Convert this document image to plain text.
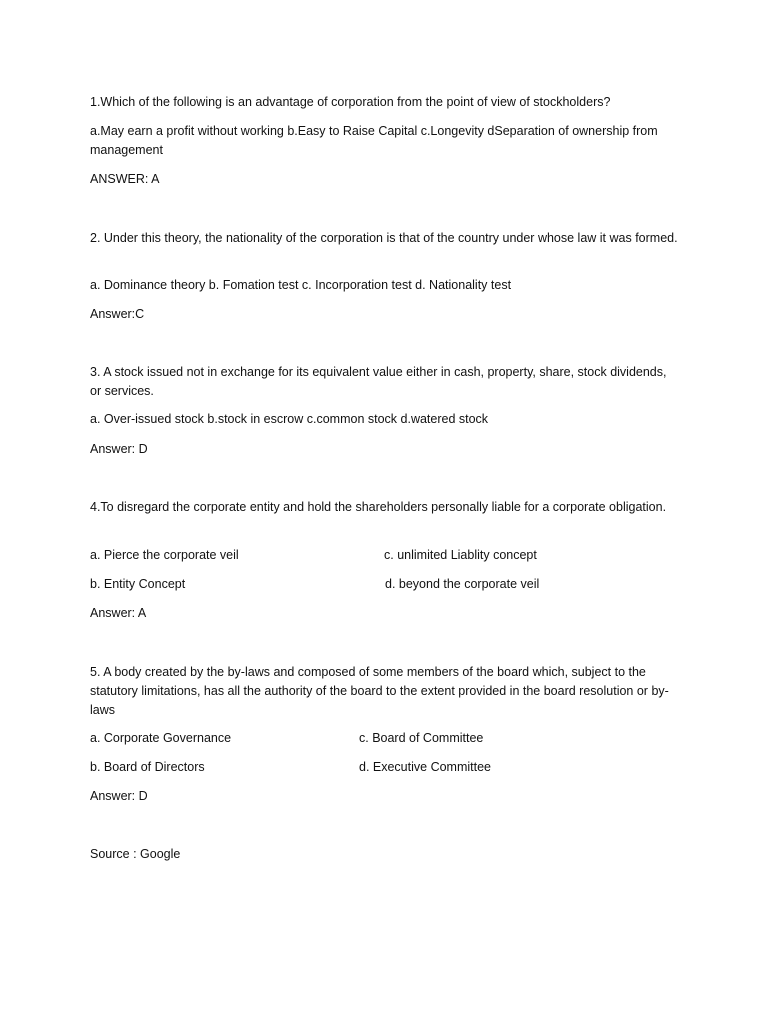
1.Which of the following is an advantage of corporation from the point of view of stockholders?
a.May earn a profit without working b.Easy to Raise Capital c.Longevity dSeparation of ownership from management
ANSWER: A
2. Under this theory, the nationality of the corporation is that of the country under whose law it was formed.
a. Dominance theory b. Fomation test c. Incorporation test d. Nationality test
Answer:C
3. A stock issued not in exchange for its equivalent value either in cash, property, share, stock dividends, or services.
a. Over-issued stock b.stock in escrow c.common stock d.watered stock
Answer: D
4.To disregard the corporate entity and hold the shareholders personally liable for a corporate obligation.
a. Pierce the corporate veil	c. unlimited Liablity concept
b. Entity Concept	d. beyond the corporate veil
Answer: A
5. A body created by the by-laws and composed of some members of the board which, subject to the statutory limitations, has all the authority of the board to the extent provided in the board resolution or by-laws
a. Corporate Governance	c. Board of Committee
b. Board of Directors	d. Executive Committee
Answer: D
Source : Google
